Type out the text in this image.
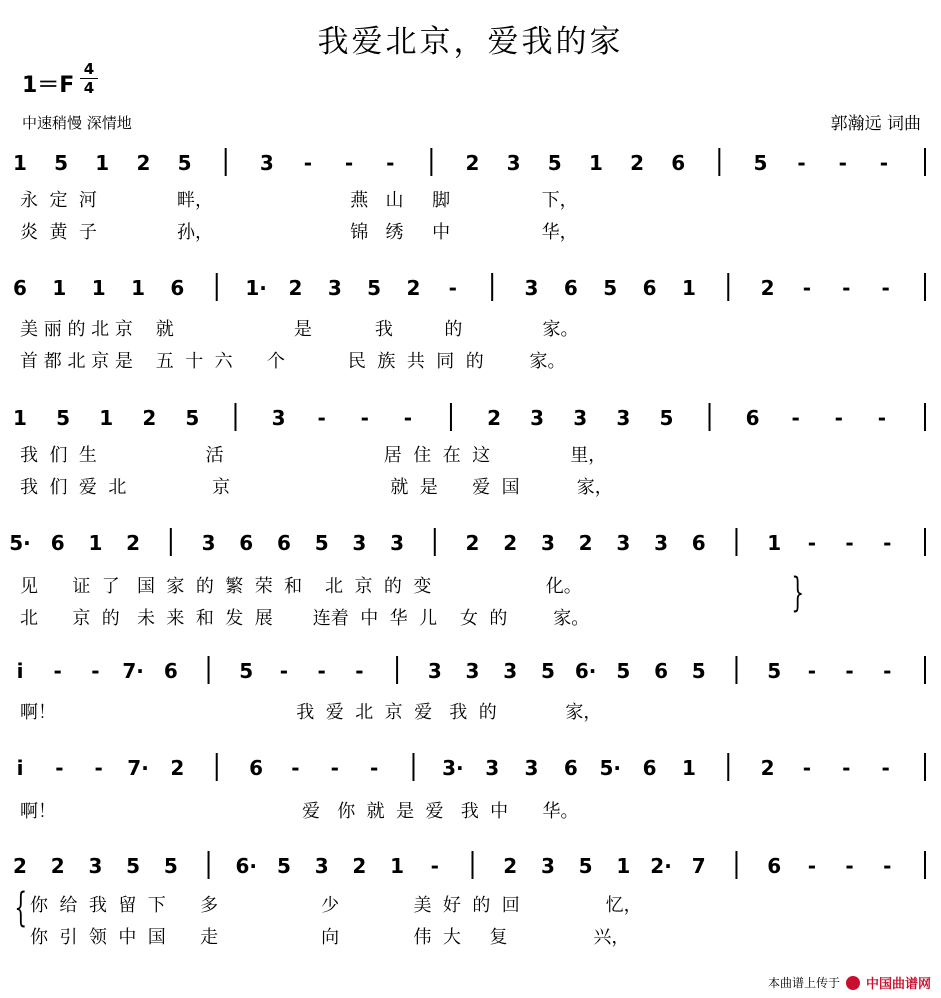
我爱北京，爱我的家
1＝F
4
4
中速稍慢 深情地	郭瀚远 词曲
1 5 1 2 5	3 - - -	2 3 5 1 2 6	5 - - -
永  定  河              畔，                        燕   山     脚                下，
炎  黄  子              孙，                        锦   绣     中                华，
6 1 1 1 6	1· 2 3 5 2 -	3 6 5 6 1	2 - - -
美 丽 的 北 京    就                     是           我         的              家。
首 都 北 京 是    五  十  六      个           民  族  共  同  的        家。
1 5 1 2 5	3 - - -	2 3 3 3 5	6 - - -
我  们  生                   活                            居  住  在  这              里，
我  们  爱  北               京                            就  是      爱  国          家，
5· 6 1 2	3 6 6 5 3 3	2 2 3 2 3 3 6	1 - - -
见      证  了   国  家  的  繁  荣  和    北  京  的  变                    化。
北      京  的   未  来  和  发  展       连着  中  华  儿    女  的        家。
}
i - - 7· 6	5 - - -	3 3 3 5 6· 5 6 5	5 - - -
啊！                                          我  爱  北  京  爱   我  的            家，
i - - 7· 2	6 - - -	3· 3 3 6 5· 6 1	2 - - -
啊！                                           爱   你  就  是  爱   我  中      华。
2 2 3 5 5	6· 5 3 2 1 -	2 3 5 1 2· 7	6 - - -
{ 你  给  我  留  下      多                  少             美  好  的  回               忆，
你  引  领  中  国      走                  向             伟  大     复               兴，
本曲谱上传于 中国曲谱网
